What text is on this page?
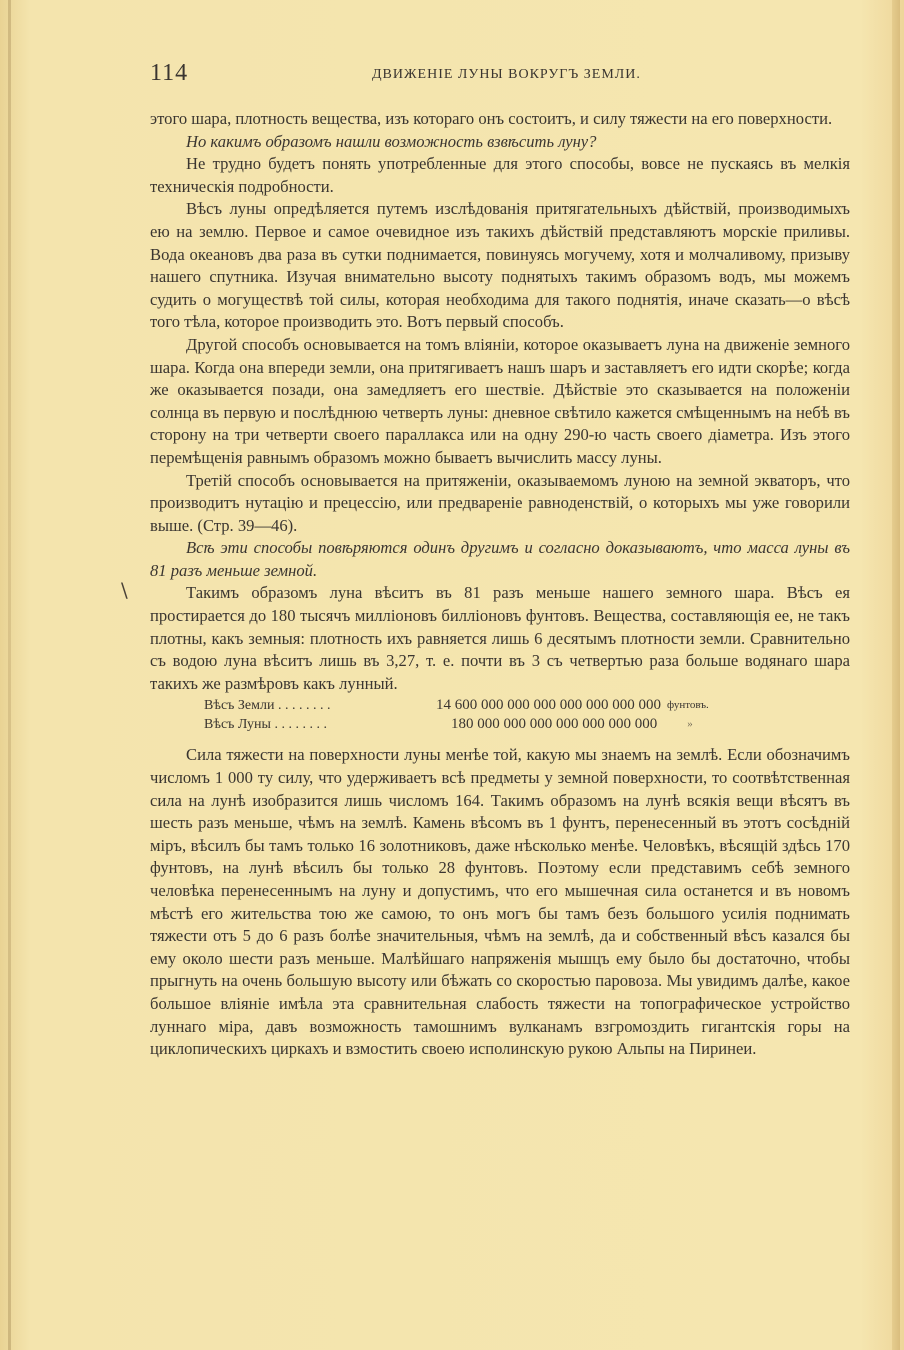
114	ДВИЖЕНІЕ ЛУНЫ ВОКРУГЪ ЗЕМЛИ.
\

этого шара, плотность вещества, изъ котораго онъ состоитъ, и силу тяжести на его поверхности.

Но какимъ образомъ нашли возможность взвѣсить луну?

Не трудно будетъ понять употребленные для этого способы, вовсе не пускаясь въ мелкія техническія подробности.

Вѣсъ луны опредѣляется путемъ изслѣдованія притягательныхъ дѣйствій, производимыхъ ею на землю. Первое и самое очевидное изъ такихъ дѣйствій представляютъ морскіе приливы. Вода океановъ два раза въ сутки поднимается, повинуясь могучему, хотя и молчаливому, призыву нашего спутника. Изучая внимательно высоту поднятыхъ такимъ образомъ водъ, мы можемъ судить о могуществѣ той силы, которая необходима для такого поднятія, иначе сказать—о вѣсѣ того тѣла, которое производить это. Вотъ первый способъ.

Другой способъ основывается на томъ вліяніи, которое оказываетъ луна на движеніе земного шара. Когда она впереди земли, она притягиваетъ нашъ шаръ и заставляетъ его идти скорѣе; когда же оказывается позади, она замедляетъ его шествіе. Дѣйствіе это сказывается на положеніи солнца въ первую и послѣднюю четверть луны: дневное свѣтило кажется смѣщеннымъ на небѣ въ сторону на три четверти своего параллакса или на одну 290-ю часть своего діаметра. Изъ этого перемѣщенія равнымъ образомъ можно бываетъ вычислить массу луны.

Третій способъ основывается на притяженіи, оказываемомъ луною на земной экваторъ, что производитъ нутацію и прецессію, или предвареніе равноденствій, о которыхъ мы уже говорили выше. (Стр. 39—46).

Всѣ эти способы повѣряются одинъ другимъ и согласно доказываютъ, что масса луны въ 81 разъ меньше земной.

Такимъ образомъ луна вѣситъ въ 81 разъ меньше нашего земного шара. Вѣсъ ея простирается до 180 тысячъ милліоновъ билліоновъ фунтовъ. Вещества, составляющія ее, не такъ плотны, какъ земныя: плотность ихъ равняется лишь 6 десятымъ плотности земли. Сравнительно съ водою луна вѣситъ лишь въ 3,27, т. е. почти въ 3 съ четвертью раза больше водянаго шара такихъ же размѣровъ какъ лунный.

Вѣсъ Земли . . . . . . . .	14 600 000 000 000 000 000 000 000 фунтовъ.
Вѣсъ Луны . . . . . . . .	180 000 000 000 000 000 000 000	»

Сила тяжести на поверхности луны менѣе той, какую мы знаемъ на землѣ. Если обозначимъ числомъ 1 000 ту силу, что удерживаетъ всѣ предметы у земной поверхности, то соотвѣтственная сила на лунѣ изобразится лишь числомъ 164. Такимъ образомъ на лунѣ всякія вещи вѣсятъ въ шесть разъ меньше, чѣмъ на землѣ. Камень вѣсомъ въ 1 фунтъ, перенесенный въ этотъ сосѣдній міръ, вѣсилъ бы тамъ только 16 золотниковъ, даже нѣсколько менѣе. Человѣкъ, вѣсящій здѣсь 170 фунтовъ, на лунѣ вѣсилъ бы только 28 фунтовъ. Поэтому если представимъ себѣ земного человѣка перенесеннымъ на луну и допустимъ, что его мышечная сила останется и въ новомъ мѣстѣ его жительства тою же самою, то онъ могъ бы тамъ безъ большого усилія поднимать тяжести отъ 5 до 6 разъ болѣе значительныя, чѣмъ на землѣ, да и собственный вѣсъ казался бы ему около шести разъ меньше. Малѣйшаго напряженія мышцъ ему было бы достаточно, чтобы прыгнуть на очень большую высоту или бѣжать со скоростью паровоза. Мы увидимъ далѣе, какое большое вліяніе имѣла эта сравнительная слабость тяжести на топографическое устройство луннаго міра, давъ возможность тамошнимъ вулканамъ взгромоздить гигантскія горы на циклопическихъ циркахъ и взмостить своею исполинскую рукою Альпы на Пиринеи.
